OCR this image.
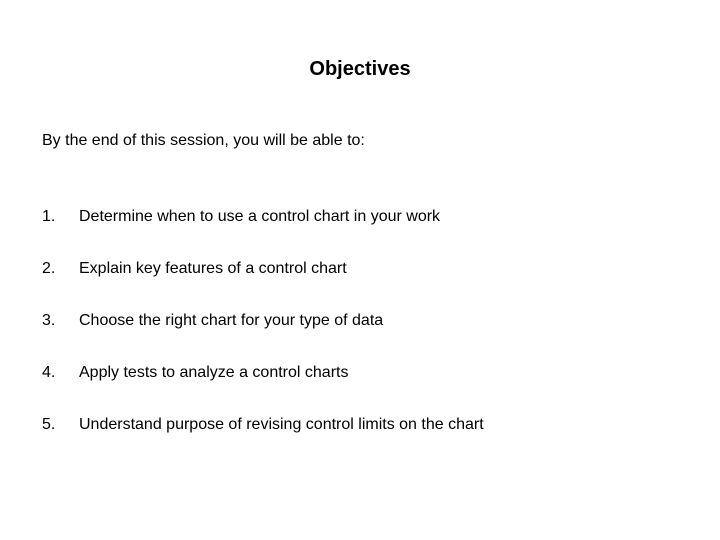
Objectives
By the end of this session, you will be able to:
1.	Determine when to use a control chart in your work
2.	Explain key features of a control chart
3.	Choose the right chart for your type of data
4.	Apply tests to analyze a control charts
5.	Understand purpose of revising control limits on the chart
